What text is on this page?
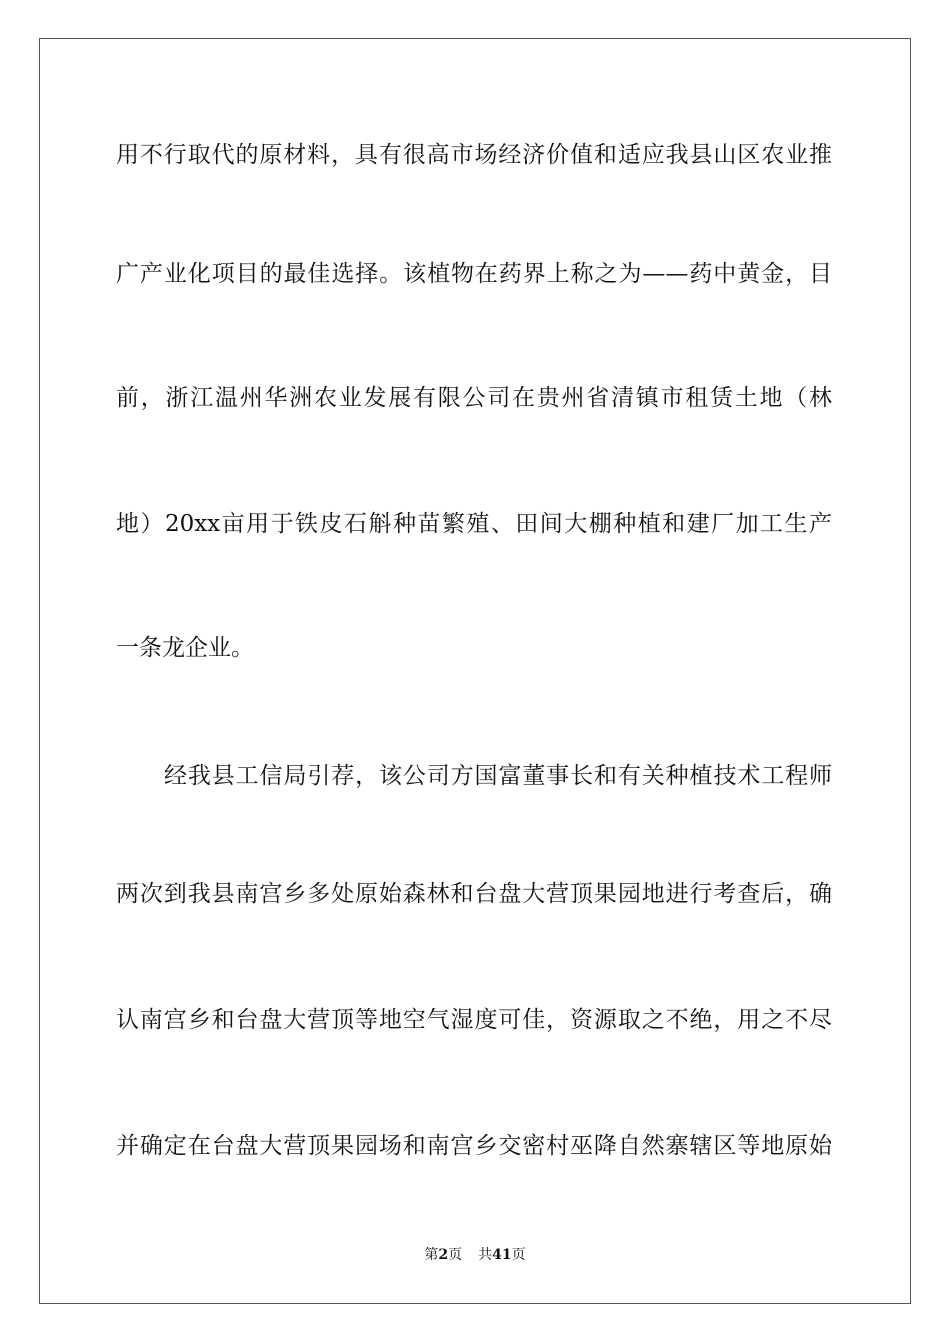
用不行取代的原材料，具有很高市场经济价值和适应我县山区农业推
广产业化项目的最佳选择。该植物在药界上称之为——药中黄金，目
前，浙江温州华洲农业发展有限公司在贵州省清镇市租赁土地（林
地）20xx亩用于铁皮石斛种苗繁殖、田间大棚种植和建厂加工生产
一条龙企业。
经我县工信局引荐，该公司方国富董事长和有关种植技术工程师
两次到我县南宫乡多处原始森林和台盘大营顶果园地进行考查后，确
认南宫乡和台盘大营顶等地空气湿度可佳，资源取之不绝，用之不尽
并确定在台盘大营顶果园场和南宫乡交密村巫降自然寨辖区等地原始
第2页 共41页
